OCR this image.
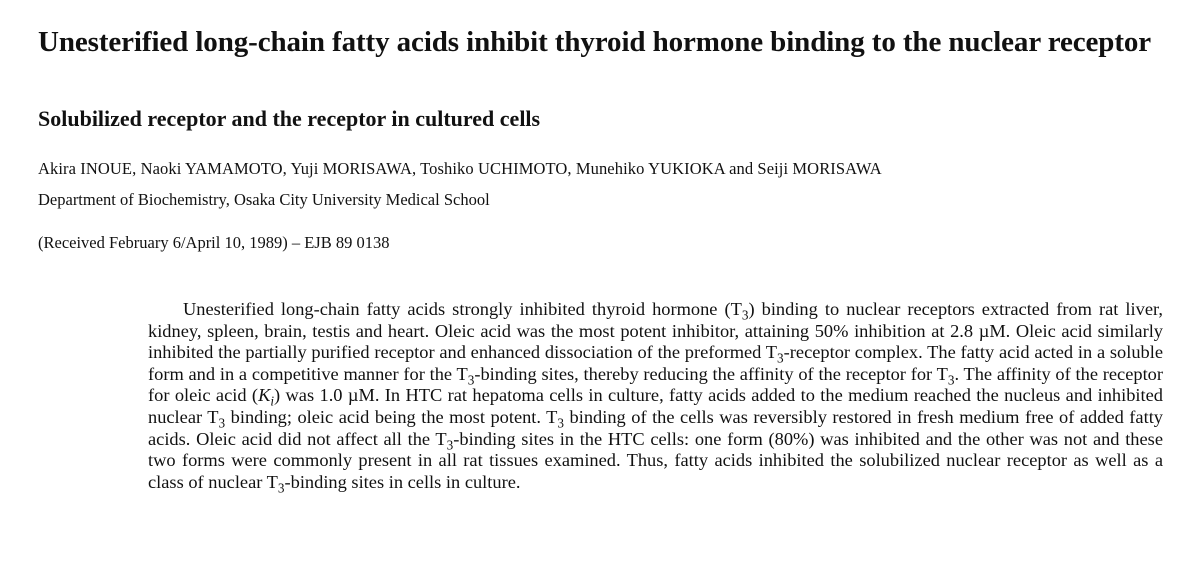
Unesterified long-chain fatty acids inhibit thyroid hormone binding to the nuclear receptor
Solubilized receptor and the receptor in cultured cells
Akira INOUE, Naoki YAMAMOTO, Yuji MORISAWA, Toshiko UCHIMOTO, Munehiko YUKIOKA and Seiji MORISAWA
Department of Biochemistry, Osaka City University Medical School
(Received February 6/April 10, 1989) – EJB 89 0138

Unesterified long-chain fatty acids strongly inhibited thyroid hormone $(T_3)$ binding to nuclear receptors extracted from rat liver, kidney, spleen, brain, testis and heart. Oleic acid was the most potent inhibitor, attaining 50% inhibition at 2.8 µM. Oleic acid similarly inhibited the partially purified receptor and enhanced dissociation of the preformed $T_3$-receptor complex. The fatty acid acted in a soluble form and in a competitive manner for the $T_3$-binding sites, thereby reducing the affinity of the receptor for $T_3$. The affinity of the receptor for oleic acid $(K_i)$ was 1.0 µM. In HTC rat hepatoma cells in culture, fatty acids added to the medium reached the nucleus and inhibited nuclear $T_3$ binding; oleic acid being the most potent. $T_3$ binding of the cells was reversibly restored in fresh medium free of added fatty acids. Oleic acid did not affect all the $T_3$-binding sites in the HTC cells: one form (80%) was inhibited and the other was not and these two forms were commonly present in all rat tissues examined. Thus, fatty acids inhibited the solubilized nuclear receptor as well as a class of nuclear $T_3$-binding sites in cells in culture.
